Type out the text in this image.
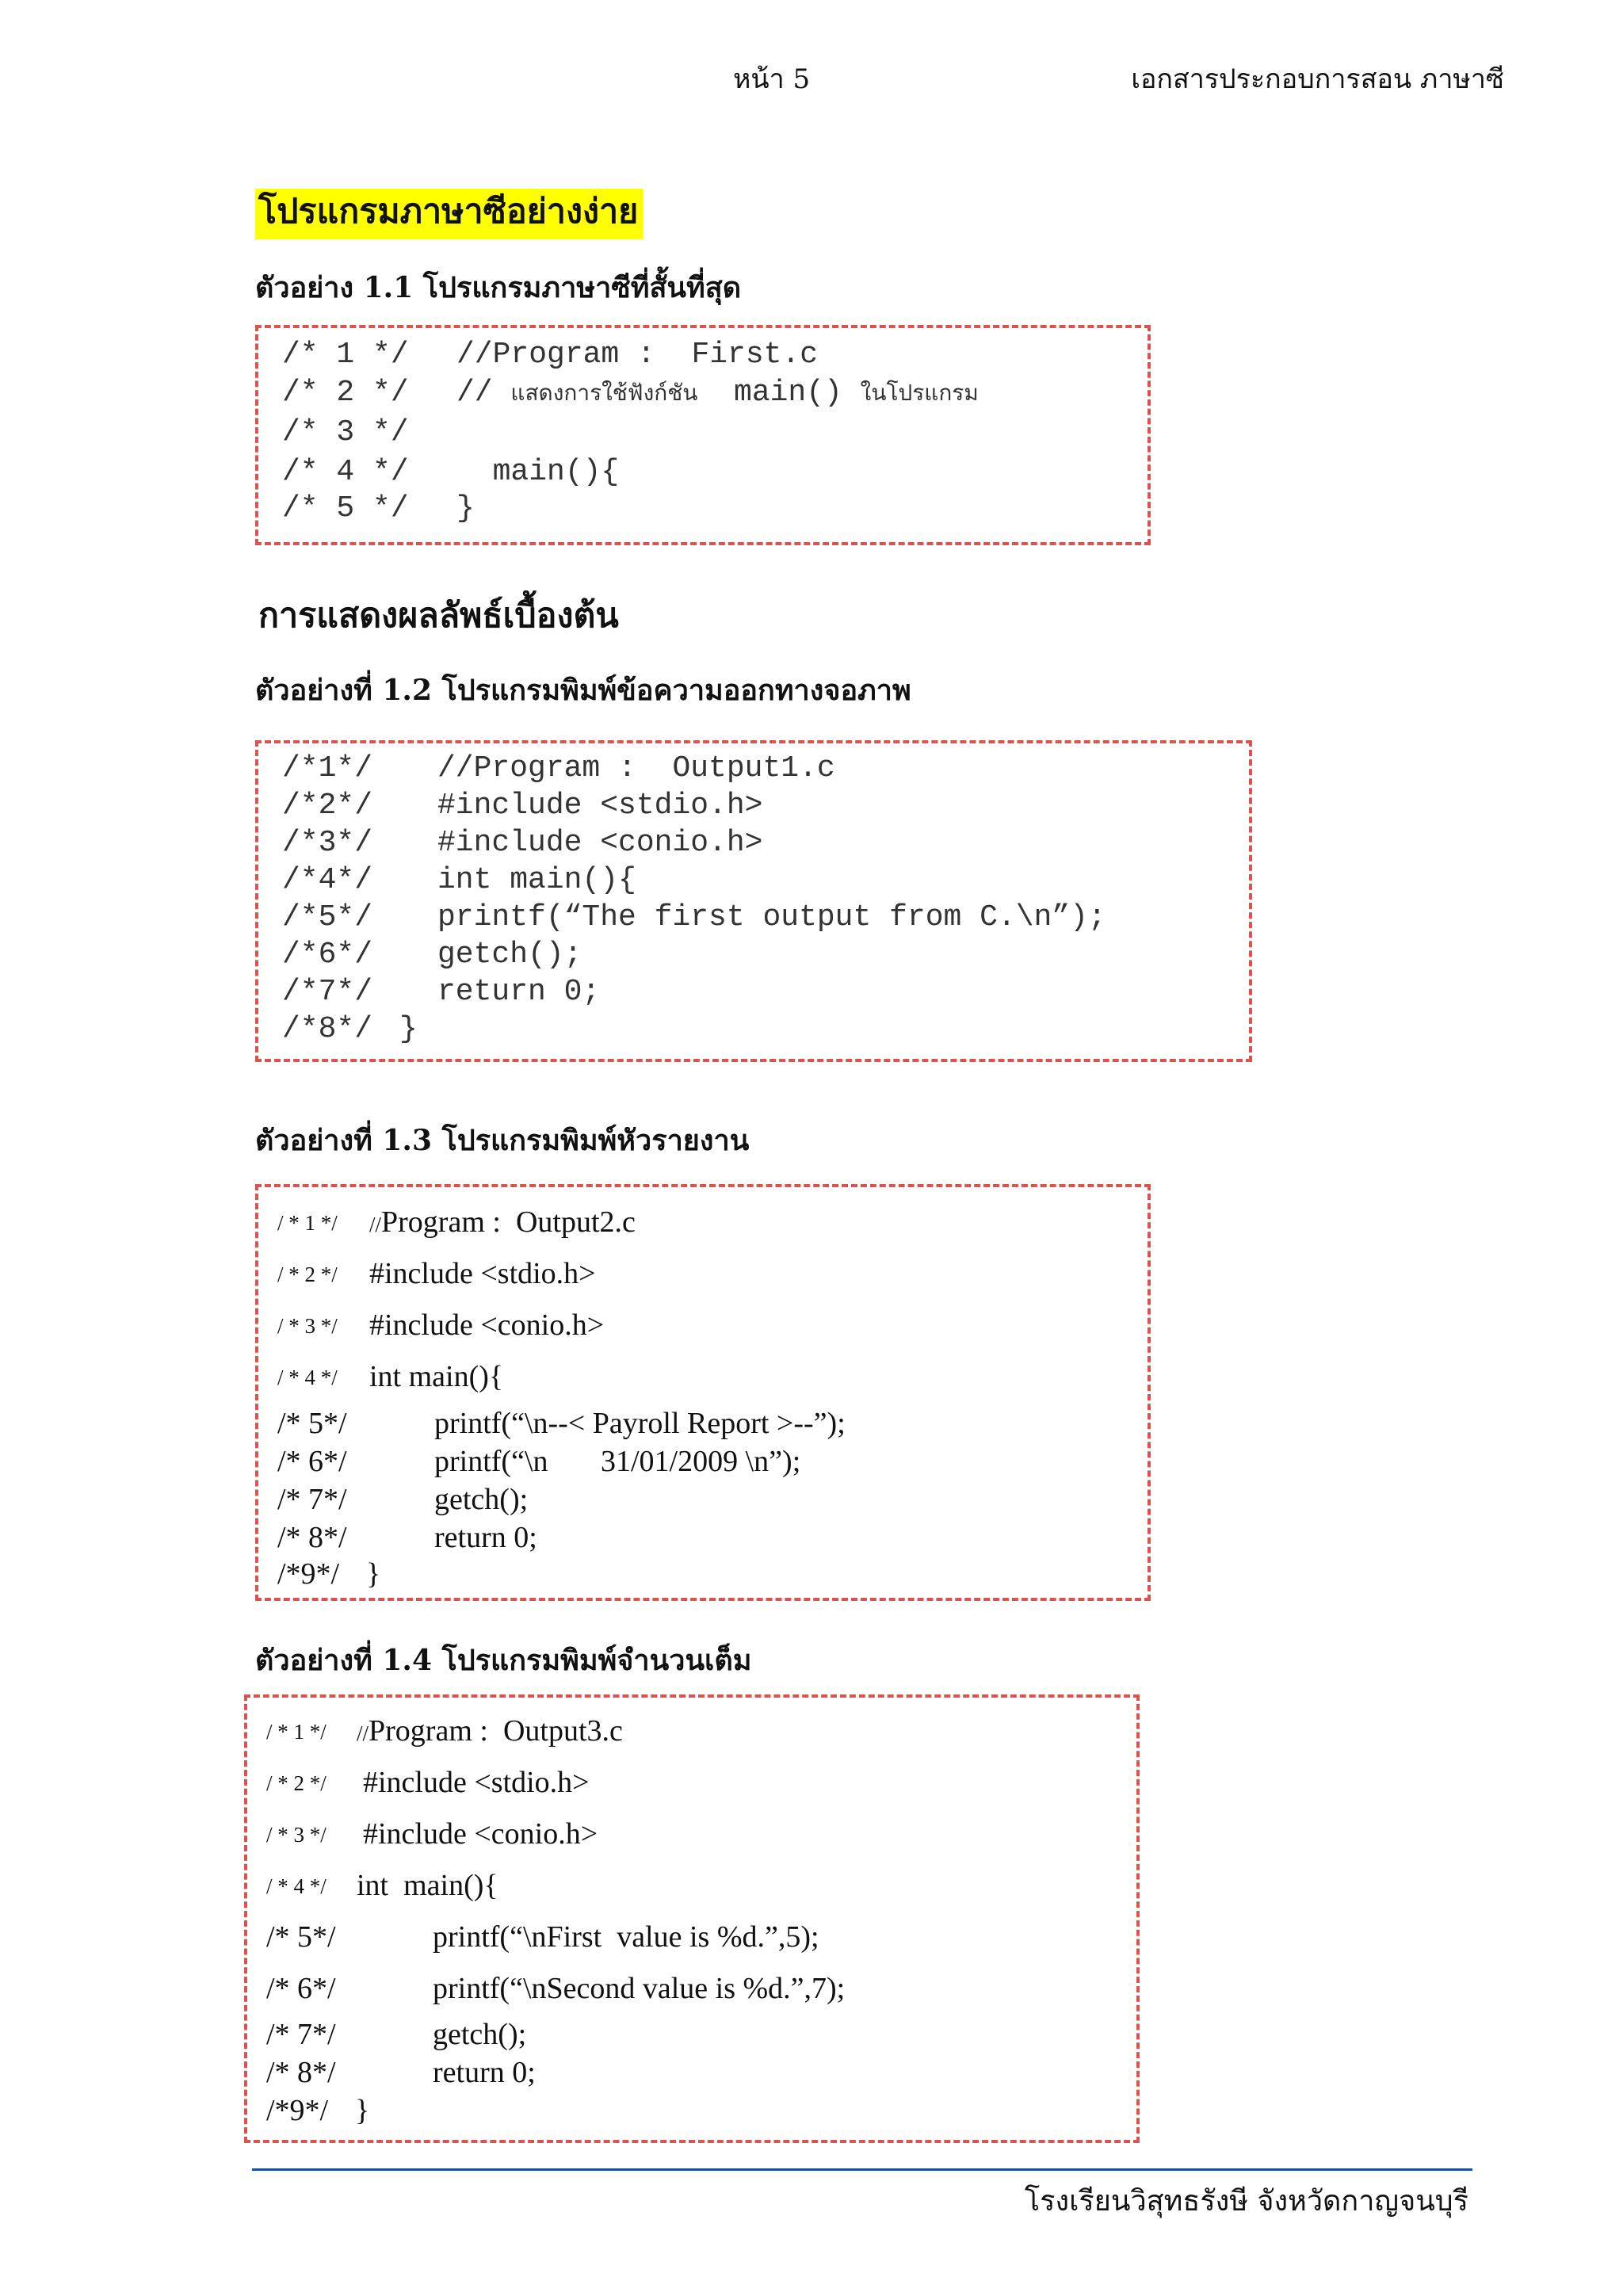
หน้า 5	เอกสารประกอบการสอน ภาษาซี
โปรแกรมภาษาซีอย่างง่าย
ตัวอย่าง 1.1 โปรแกรมภาษาซีที่สั้นที่สุด
/* 1 */ //Program :  First.c
/* 2 */ // แสดงการใช้ฟังก์ชัน  main() ในโปรแกรม
/* 3 */
/* 4 */ main(){
/* 5 */ }
การแสดงผลลัพธ์เบื้องต้น
ตัวอย่างที่ 1.2 โปรแกรมพิมพ์ข้อความออกทางจอภาพ
/*1*/ //Program :  Output1.c
/*2*/ #include <stdio.h>
/*3*/ #include <conio.h>
/*4*/ int main(){
/*5*/ printf(“The first output from C.\n”);
/*6*/ getch();
/*7*/ return 0;
/*8*/ }
ตัวอย่างที่ 1.3 โปรแกรมพิมพ์หัวรายงาน
/ * 1 */ //Program :  Output2.c
/ * 2 */ #include <stdio.h>
/ * 3 */ #include <conio.h>
/ * 4 */ int main(){
/* 5*/	printf(“\n--< Payroll Report >--”);
/* 6*/	printf(“\n       31/01/2009 \n”);
/* 7*/	getch();
/* 8*/	return 0;
/*9*/ }
ตัวอย่างที่ 1.4 โปรแกรมพิมพ์จำนวนเต็ม
/ * 1 */ //Program :  Output3.c
/ * 2 */ #include <stdio.h>
/ * 3 */ #include <conio.h>
/ * 4 */ int  main(){
/* 5*/	printf(“\nFirst  value is %d.”,5);
/* 6*/	printf(“\nSecond value is %d.”,7);
/* 7*/	getch();
/* 8*/	return 0;
/*9*/ }
โรงเรียนวิสุทธรังษี จังหวัดกาญจนบุรี
